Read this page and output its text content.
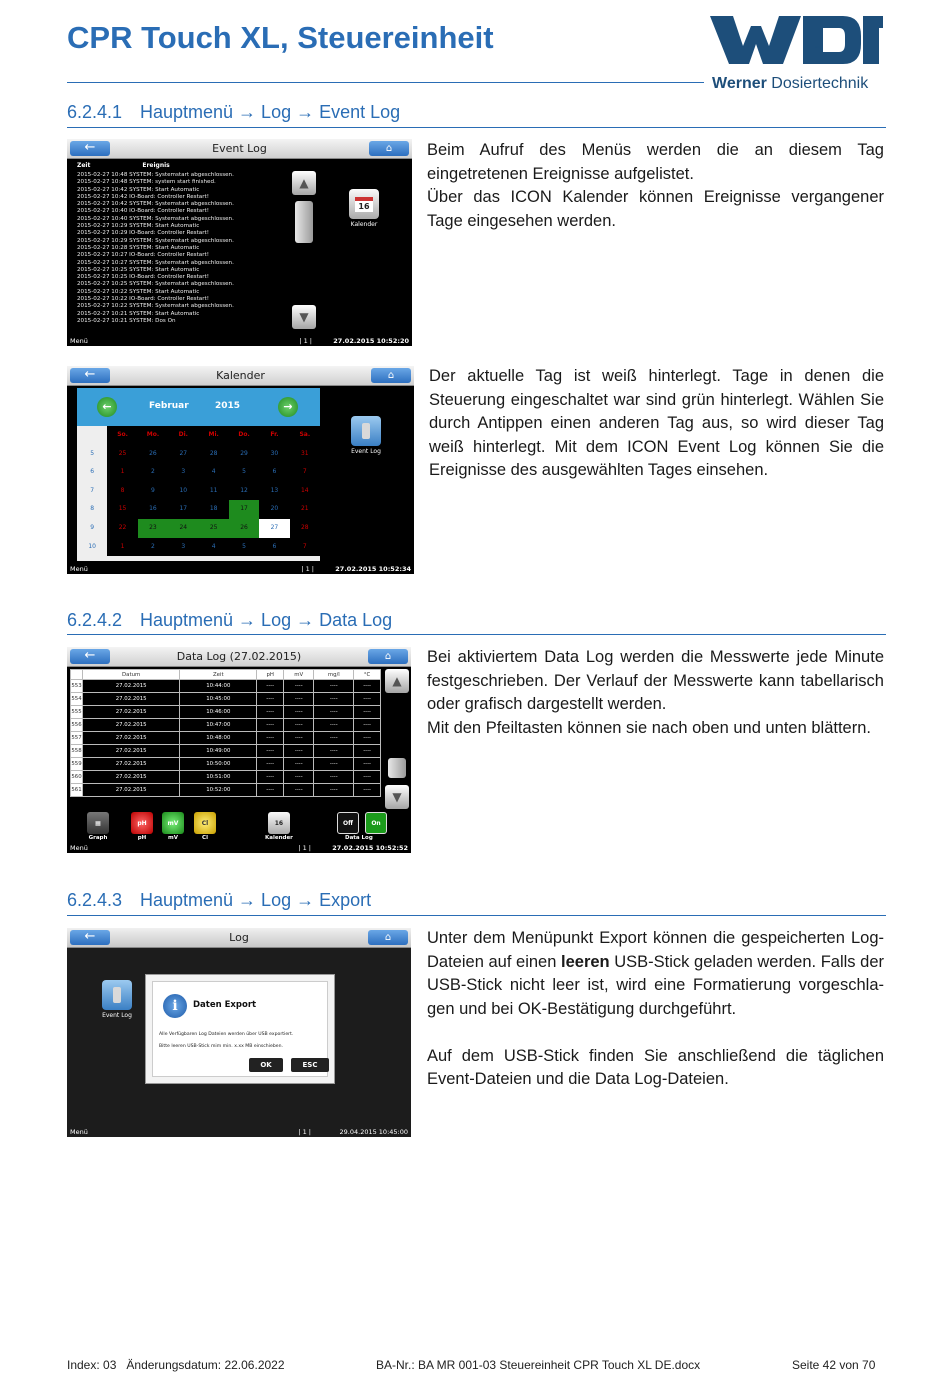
CPR Touch XL, Steuereinheit	WDT
Werner Dosiertechnik
6.2.4.1 Hauptmenü → Log → Event Log
←	Event Log	⌂
Zeit	Ereignis
2015-02-27 10:48 SYSTEM: Systemstart abgeschlossen.
2015-02-27 10:48 SYSTEM: system start finished.
2015-02-27 10:42 SYSTEM: Start Automatic
2015-02-27 10:42 IO-Board: Controller Restart!
2015-02-27 10:42 SYSTEM: Systemstart abgeschlossen.
2015-02-27 10:40 IO-Board: Controller Restart!
2015-02-27 10:40 SYSTEM: Systemstart abgeschlossen.
2015-02-27 10:29 SYSTEM: Start Automatic
2015-02-27 10:29 IO-Board: Controller Restart!
2015-02-27 10:29 SYSTEM: Systemstart abgeschlossen.
2015-02-27 10:28 SYSTEM: Start Automatic
2015-02-27 10:27 IO-Board: Controller Restart!
2015-02-27 10:27 SYSTEM: Systemstart abgeschlossen.
2015-02-27 10:25 SYSTEM: Start Automatic
2015-02-27 10:25 IO-Board: Controller Restart!
2015-02-27 10:25 SYSTEM: Systemstart abgeschlossen.
2015-02-27 10:22 SYSTEM: Start Automatic
2015-02-27 10:22 IO-Board: Controller Restart!
2015-02-27 10:22 SYSTEM: Systemstart abgeschlossen.
2015-02-27 10:21 SYSTEM: Start Automatic
2015-02-27 10:21 SYSTEM: Dos On
▲
▼
16
Kalender
Menü	| 1 |	27.02.2015 10:52:20

Beim Aufruf des Menüs werden die an diesem Tag eingetretenen Ereignisse aufgelistet.

Über das ICON Kalender können Ereignisse vergangener Tage eingesehen werden.

←	Kalender	⌂
←	Februar	2015	→
So.	Mo.	Di.	Mi.	Do.	Fr.	Sa.
5	25	26	27	28	29	30	31
6	1	2	3	4	5	6	7
7	8	9	10	11	12	13	14
8	15	16	17	18	17	20	21
9	22	23	24	25	26	27	28
10	1	2	3	4	5	6	7
Event Log
Menü	| 1 |	27.02.2015 10:52:34

Der aktuelle Tag ist weiß hinterlegt. Tage in denen die Steuerung eingeschaltet war sind grün hinterlegt. Wählen Sie durch Antippen einen anderen Tag aus, so wird dieser Tag weiß hinterlegt. Mit dem ICON Event Log können Sie die Ereignisse des ausgewählten Tages einsehen.

6.2.4.2 Hauptmenü → Log → Data Log
←	Data Log (27.02.2015)	⌂
	Datum	Zeit	pH	mV	mg/l	°C
553	27.02.2015	10:44:00	----	----	----	----
554	27.02.2015	10:45:00	----	----	----	----
555	27.02.2015	10:46:00	----	----	----	----
556	27.02.2015	10:47:00	----	----	----	----
557	27.02.2015	10:48:00	----	----	----	----
558	27.02.2015	10:49:00	----	----	----	----
559	27.02.2015	10:50:00	----	----	----	----
560	27.02.2015	10:51:00	----	----	----	----
561	27.02.2015	10:52:00	----	----	----	----
▲
▼
▦
Graph
pH
pH
mV
mV
Cl
Cl
16
Kalender
Off	On
Data Log
Menü	| 1 |	27.02.2015 10:52:52

Bei aktiviertem Data Log werden die Messwerte jede Minute festgeschrieben. Der Verlauf der Messwerte kann tabellarisch oder grafisch dargestellt werden.

Mit den Pfeiltasten können sie nach oben und unten blättern.

6.2.4.3 Hauptmenü → Log → Export
←	Log	⌂
Event Log
i	Daten Export
Alle Verfügbaren Log Dateien werden über USB exportiert.
Bitte leeren USB-Stick mim min. x.xx MB einschieben.
OK	ESC
Menü	| 1 |	29.04.2015 10:45:00

Unter dem Menüpunkt Export können die gespeicherten Log-Dateien auf einen leeren USB-Stick geladen werden. Falls der USB-Stick nicht leer ist, wird eine Formatierung vorgeschla-gen und bei OK-Bestätigung durchgeführt.

Auf dem USB-Stick finden Sie anschließend die täglichen Event-Dateien und die Data Log-Dateien.

Index: 03 Änderungsdatum: 22.06.2022	BA-Nr.: BA MR 001-03 Steuereinheit CPR Touch XL DE.docx	Seite 42 von 70
